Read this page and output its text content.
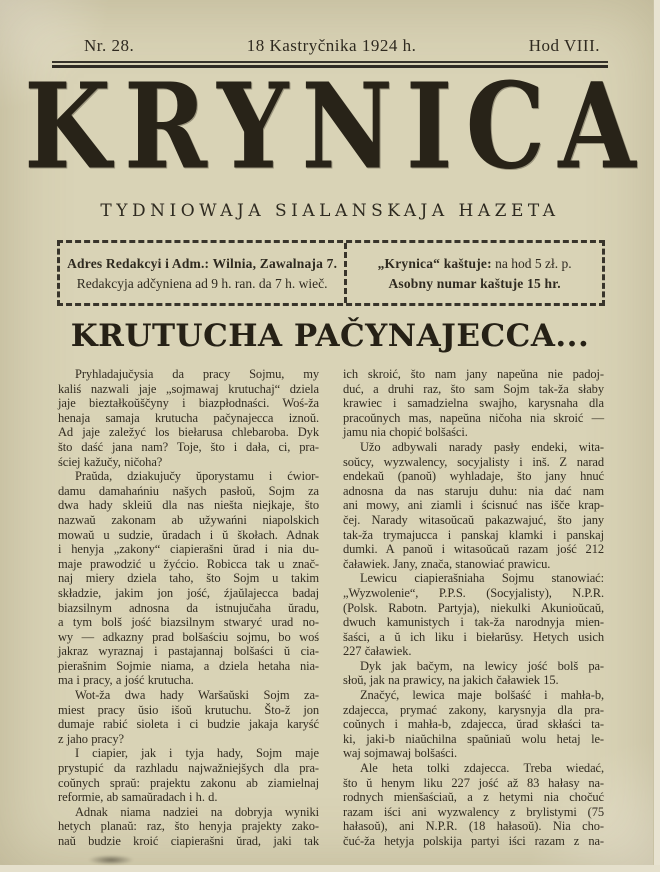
Nr. 28.	18 Kastryčnika 1924 h.	Hod VIII.
KRYNICA
TYDNIOWAJA SIALANSKAJA HAZETA
Adres Redakcyi i Adm.: Wilnia, Zawalnaja 7.
Redakcyja adčyniena ad 9 h. ran. da 7 h. wieč.
„Krynica“ kaštuje: na hod 5 zł. p.
Asobny numar kaštuje 15 hr.
KRUTUCHA PAČYNAJECCA...
Pryhladajučysia da pracy Sojmu, my
kaliś nazwali jaje „sojmawaj krutuchaj“ dziela
jaje bieztałkoŭščyny i biazpłodnaści. Woś-ža
henaja samaja krutucha pačynajecca iznoŭ.
Ad jaje zaležyć los biełarusa chlebaroba. Dyk
što daść jana nam? Toje, što i dała, ci, pra-
ściej kažučy, ničoha?
Praŭda, dziakujučy ŭporystamu i ćwior-
damu damahańniu našych pasłoŭ, Sojm za
dwa hady skleiŭ dla nas niešta niejkaje, što
nazwaŭ zakonam ab užywańni niapolskich
mowaŭ u sudzie, ŭradach i ŭ škołach. Adnak
i henyja „zakony“ ciapierašni ŭrad i nia du-
maje prawodzić u žyćcio. Robicca tak u znač-
naj miery dziela taho, što Sojm u takim
składzie, jakim jon jość, źjaŭlajecca badaj
biazsilnym adnosna da istnujučaha ŭradu,
a tym bolš jość biazsilnym stwaryć urad no-
wy — adkazny prad bolšaściu sojmu, bo woś
jakraz wyraznaj i pastajannaj bolšaści ŭ cia-
pierašnim Sojmie niama, a dziela hetaha nia-
ma i pracy, a jość krutucha.
Wot-ža dwa hady Waršaŭski Sojm za-
miest pracy ŭsio išoŭ krutuchu. Što-ž jon
dumaje rabić sioleta i ci budzie jakaja karyść
z jaho pracy?
I ciapier, jak i tyja hady, Sojm maje
prystupić da razhladu najwažniejšych dla pra-
coŭnych spraŭ: prajektu zakonu ab ziamielnaj
reformie, ab samaŭradach i h. d.
Adnak niama nadziei na dobryja wyniki
hetych planaŭ: raz, što henyja prajekty zako-
naŭ budzie kroić ciapierašni ŭrad, jaki tak
ich skroić, što nam jany napeŭna nie padoj-
duć, a druhi raz, što sam Sojm tak-ža słaby
krawiec i samadzielna swajho, karysnaha dla
pracoŭnych mas, napeŭna ničoha nia skroić —
jamu nia chopić bolšaści.
Užo adbywali narady pasły endeki, wita-
soŭcy, wyzwalency, socyjalisty i inš. Z narad
endekaŭ (panoŭ) wyhladaje, što jany hnuć
adnosna da nas staruju duhu: nia dać nam
ani mowy, ani ziamli i ścisnuć nas išče krap-
čej. Narady witasoŭcaŭ pakazwajuć, što jany
tak-ža trymajucca i panskaj klamki i panskaj
dumki. A panoŭ i witasoŭcaŭ razam jość 212
čaławiek. Jany, znača, stanowiać prawicu.
Lewicu ciapierašniaha Sojmu stanowiać:
„Wyzwolenie“, P.P.S. (Socyjalisty), N.P.R.
(Polsk. Rabotn. Partyja), niekulki Akunioŭcaŭ,
dwuch kamunistych i tak-ža narodnyja mien-
šaści, a ŭ ich liku i biełarŭsy. Hetych usich
227 čaławiek.
Dyk jak bačym, na lewicy jość bolš pa-
słoŭ, jak na prawicy, na jakich čaławiek 15.
Značyć, lewica maje bolšaść i mahła-b,
zdajecca, prymać zakony, karysnyja dla pra-
coŭnych i mahła-b, zdajecca, ŭrad skłaści ta-
ki, jaki-b niaŭchilna spaŭniaŭ wolu hetaj le-
waj sojmawaj bolšaści.
Ale heta tolki zdajecca. Treba wiedać,
što ŭ henym liku 227 jość až 83 hałasy na-
rodnych mienšaściaŭ, a z hetymi nia chočuć
razam iści ani wyzwalency z brylistymi (75
hałasoŭ), ani N.P.R. (18 hałasoŭ). Nia cho-
čuć-ža hetyja polskija partyi iści razam z na-
